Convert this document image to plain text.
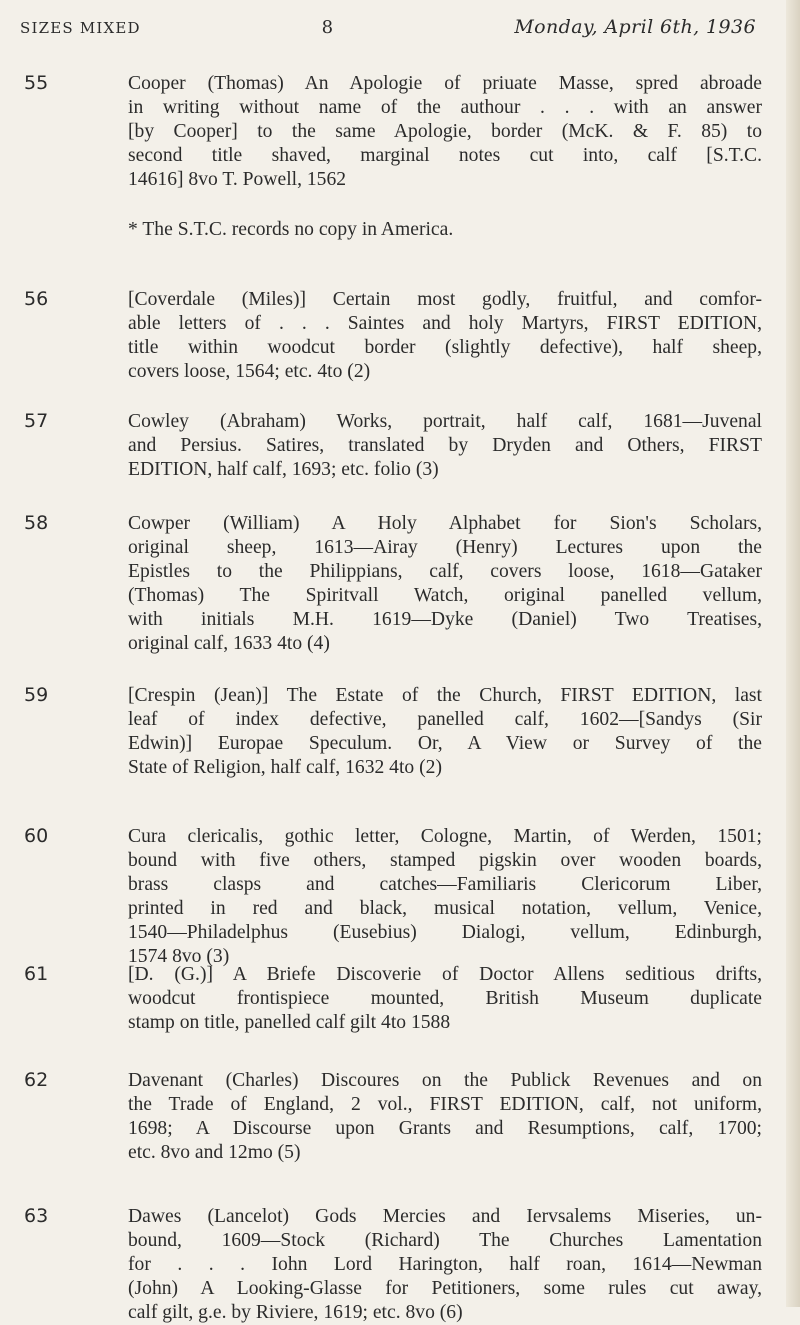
SIZES MIXED	8	Monday, April 6th, 1936
55	Cooper (Thomas) An Apologie of priuate Masse, spred abroade
in writing without name of the authour . . . with an answer
[by Cooper] to the same Apologie, border (McK. & F. 85) to
second title shaved, marginal notes cut into, calf [S.T.C.
14616] 8vo T. Powell, 1562
* The S.T.C. records no copy in America.
56	[Coverdale (Miles)] Certain most godly, fruitful, and comfor-
able letters of . . . Saintes and holy Martyrs, FIRST EDITION,
title within woodcut border (slightly defective), half sheep,
covers loose, 1564; etc. 4to (2)
57	Cowley (Abraham) Works, portrait, half calf, 1681—Juvenal
and Persius. Satires, translated by Dryden and Others, FIRST
EDITION, half calf, 1693; etc. folio (3)
58	Cowper (William) A Holy Alphabet for Sion's Scholars,
original sheep, 1613—Airay (Henry) Lectures upon the
Epistles to the Philippians, calf, covers loose, 1618—Gataker
(Thomas) The Spiritvall Watch, original panelled vellum,
with initials M.H. 1619—Dyke (Daniel) Two Treatises,
original calf, 1633 4to (4)
59	[Crespin (Jean)] The Estate of the Church, FIRST EDITION, last
leaf of index defective, panelled calf, 1602—[Sandys (Sir
Edwin)] Europae Speculum. Or, A View or Survey of the
State of Religion, half calf, 1632 4to (2)
60	Cura clericalis, gothic letter, Cologne, Martin, of Werden, 1501;
bound with five others, stamped pigskin over wooden boards,
brass clasps and catches—Familiaris Clericorum Liber,
printed in red and black, musical notation, vellum, Venice,
1540—Philadelphus (Eusebius) Dialogi, vellum, Edinburgh,
1574 8vo (3)
61	[D. (G.)] A Briefe Discoverie of Doctor Allens seditious drifts,
woodcut frontispiece mounted, British Museum duplicate
stamp on title, panelled calf gilt 4to 1588
62	Davenant (Charles) Discoures on the Publick Revenues and on
the Trade of England, 2 vol., FIRST EDITION, calf, not uniform,
1698; A Discourse upon Grants and Resumptions, calf, 1700;
etc. 8vo and 12mo (5)
63	Dawes (Lancelot) Gods Mercies and Iervsalems Miseries, un-
bound, 1609—Stock (Richard) The Churches Lamentation
for . . . Iohn Lord Harington, half roan, 1614—Newman
(John) A Looking-Glasse for Petitioners, some rules cut away,
calf gilt, g.e. by Riviere, 1619; etc. 8vo (6)
